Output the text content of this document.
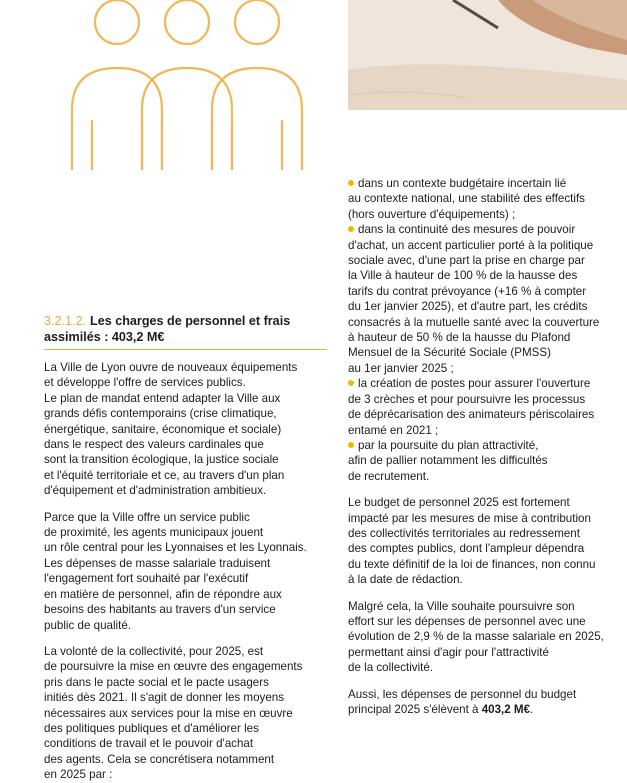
3.2.1.2. Les charges de personnel et frais assimilés : 403,2 M€

La Ville de Lyon ouvre de nouveaux équipements
et développe l'offre de services publics.
Le plan de mandat entend adapter la Ville aux
grands défis contemporains (crise climatique,
énergétique, sanitaire, économique et sociale)
dans le respect des valeurs cardinales que
sont la transition écologique, la justice sociale
et l'équité territoriale et ce, au travers d'un plan
d'équipement et d'administration ambitieux.

Parce que la Ville offre un service public
de proximité, les agents municipaux jouent
un rôle central pour les Lyonnaises et les Lyonnais.
Les dépenses de masse salariale traduisent
l'engagement fort souhaité par l'exécutif
en matière de personnel, afin de répondre aux
besoins des habitants au travers d'un service
public de qualité.

La volonté de la collectivité, pour 2025, est
de poursuivre la mise en œuvre des engagements
pris dans le pacte social et le pacte usagers
initiés dès 2021. Il s'agit de donner les moyens
nécessaires aux services pour la mise en œuvre
des politiques publiques et d'améliorer les
conditions de travail et le pouvoir d'achat
des agents. Cela se concrétisera notamment
en 2025 par :

dans un contexte budgétaire incertain lié
au contexte national, une stabilité des effectifs
(hors ouverture d'équipements) ;
dans la continuité des mesures de pouvoir
d'achat, un accent particulier porté à la politique
sociale avec, d'une part la prise en charge par
la Ville à hauteur de 100 % de la hausse des
tarifs du contrat prévoyance (+16 % à compter
du 1er janvier 2025), et d'autre part, les crédits
consacrés à la mutuelle santé avec la couverture
à hauteur de 50 % de la hausse du Plafond
Mensuel de la Sécurité Sociale (PMSS)
au 1er janvier 2025 ;
la création de postes pour assurer l'ouverture
de 3 crèches et pour poursuivre les processus
de déprécarisation des animateurs périscolaires
entamé en 2021 ;
par la poursuite du plan attractivité,
afin de pallier notamment les difficultés
de recrutement.

Le budget de personnel 2025 est fortement
impacté par les mesures de mise à contribution
des collectivités territoriales au redressement
des comptes publics, dont l'ampleur dépendra
du texte définitif de la loi de finances, non connu
à la date de rédaction.

Malgré cela, la Ville souhaite poursuivre son
effort sur les dépenses de personnel avec une
évolution de 2,9 % de la masse salariale en 2025,
permettant ainsi d'agir pour l'attractivité
de la collectivité.

Aussi, les dépenses de personnel du budget
principal 2025 s'élèvent à 403,2 M€.
